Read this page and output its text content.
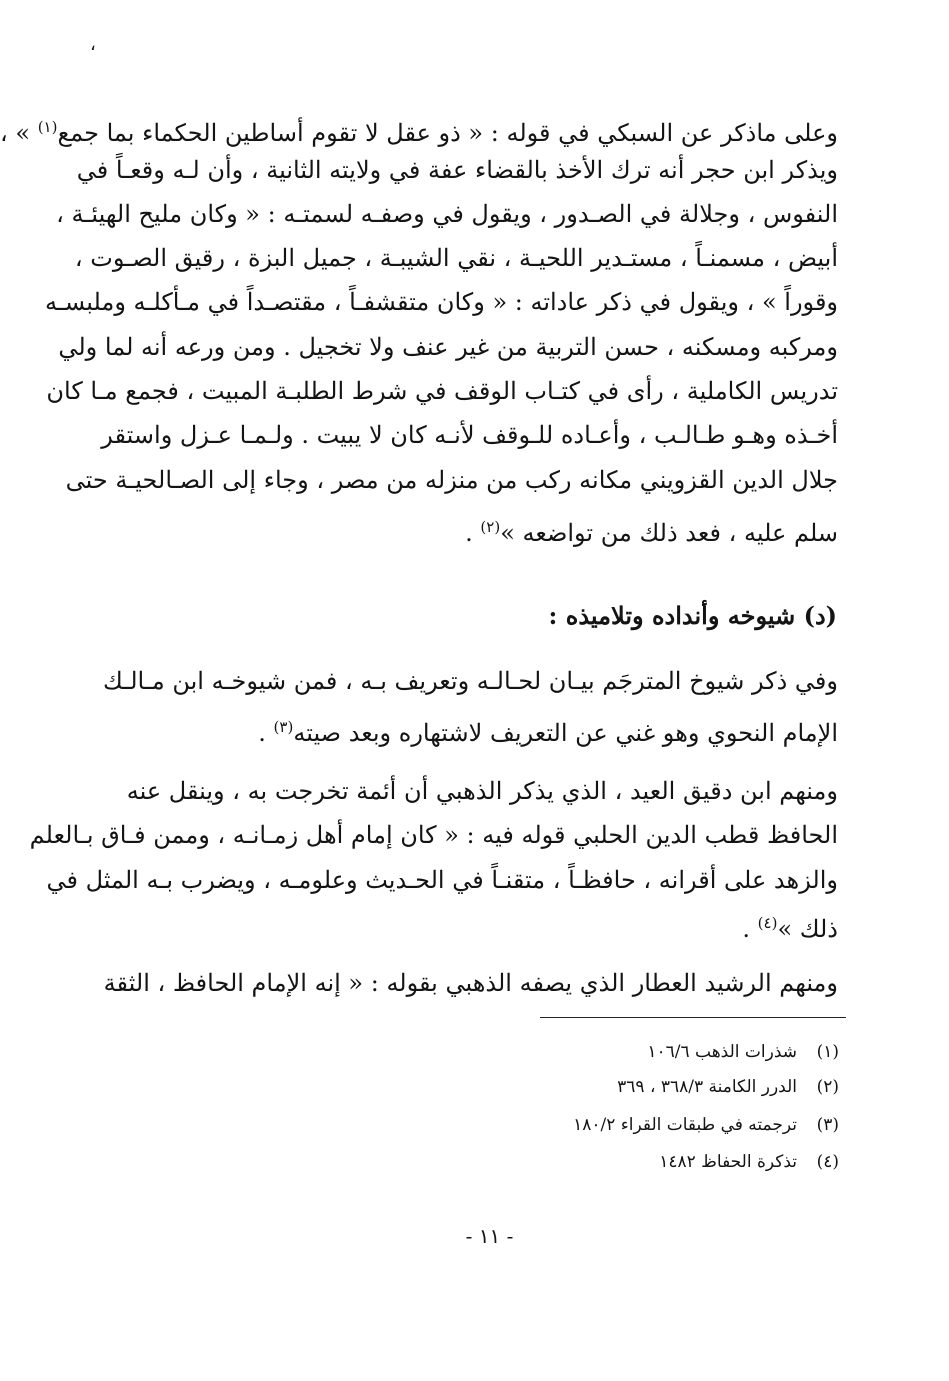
،
وعلى ماذكر عن السبكي في قوله : « ذو عقل لا تقوم أساطين الحكماء بما جمع$^{(١)}$ » ،
ويذكر ابن حجر أنه ترك الأخذ بالقضاء عفة في ولايته الثانية ، وأن لـه وقعـاً في
النفوس ، وجلالة في الصـدور ، ويقول في وصفـه لسمتـه : « وكان مليح الهيئـة ،
أبيض ، مسمنـاً ، مستـدير اللحيـة ، نقي الشيبـة ، جميل البزة ، رقيق الصـوت ،
وقوراً » ، ويقول في ذكر عاداته : « وكان متقشفـاً ، مقتصـداً في مـأكلـه وملبسـه
ومركبه ومسكنه ، حسن التربية من غير عنف ولا تخجيل . ومن ورعه أنه لما ولي
تدريس الكاملية ، رأى في كتـاب الوقف في شرط الطلبـة المبيت ، فجمع مـا كان
أخـذه وهـو طـالـب ، وأعـاده للـوقف لأنـه كان لا يبيت . ولـمـا عـزل واستقر
جلال الدين القزويني مكانه ركب من منزله من مصر ، وجاء إلى الصـالحيـة حتى
سلم عليه ، فعد ذلك من تواضعه »$^{(٢)}$ .
(د) شيوخه وأنداده وتلاميذه :
وفي ذكر شيوخ المترجَم بيـان لحـالـه وتعريف بـه ، فمن شيوخـه ابن مـالـك
الإمام النحوي وهو غني عن التعريف لاشتهاره وبعد صيته$^{(٣)}$ .
ومنهم ابن دقيق العيد ، الذي يذكر الذهبي أن أئمة تخرجت به ، وينقل عنه
الحافظ قطب الدين الحلبي قوله فيه : « كان إمام أهل زمـانـه ، وممن فـاق بـالعلم
والزهد على أقرانه ، حافظـاً ، متقنـاً في الحـديث وعلومـه ، ويضرب بـه المثل في
ذلك »$^{(٤)}$ .
ومنهم الرشيد العطار الذي يصفه الذهبي بقوله : « إنه الإمام الحافظ ، الثقة
(١)شذرات الذهب ١٠٦/٦
(٢)الدرر الكامنة ٣٦٨/٣ ، ٣٦٩
(٣)ترجمته في طبقات القراء ١٨٠/٢
(٤)تذكرة الحفاظ ١٤٨٢
- ١١ -
